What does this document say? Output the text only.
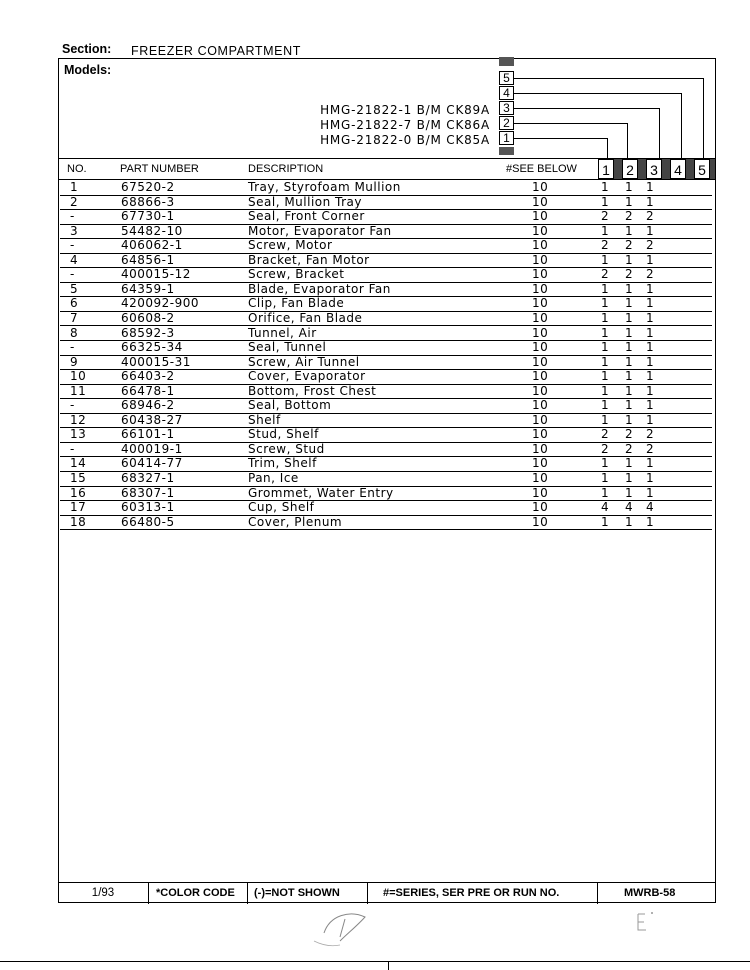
Section: FREEZER COMPARTMENT
Models:
HMG-21822-1 B/M CK89A
HMG-21822-7 B/M CK86A
HMG-21822-0 B/M CK85A
5
4
3
2
1
NO.	PART NUMBER	DESCRIPTION	#SEE BELOW 1 2 3 4 5
1	67520-2	Tray, Styrofoam Mullion	10	1 1 1
2	68866-3	Seal, Mullion Tray	10	1 1 1
-	67730-1	Seal, Front Corner	10	2 2 2
3	54482-10	Motor, Evaporator Fan	10	1 1 1
-	406062-1	Screw, Motor	10	2 2 2
4	64856-1	Bracket, Fan Motor	10	1 1 1
-	400015-12	Screw, Bracket	10	2 2 2
5	64359-1	Blade, Evaporator Fan	10	1 1 1
6	420092-900	Clip, Fan Blade	10	1 1 1
7	60608-2	Orifice, Fan Blade	10	1 1 1
8	68592-3	Tunnel, Air	10	1 1 1
-	66325-34	Seal, Tunnel	10	1 1 1
9	400015-31	Screw, Air Tunnel	10	1 1 1
10	66403-2	Cover, Evaporator	10	1 1 1
11	66478-1	Bottom, Frost Chest	10	1 1 1
-	68946-2	Seal, Bottom	10	1 1 1
12	60438-27	Shelf	10	1 1 1
13	66101-1	Stud, Shelf	10	2 2 2
-	400019-1	Screw, Stud	10	2 2 2
14	60414-77	Trim, Shelf	10	1 1 1
15	68327-1	Pan, Ice	10	1 1 1
16	68307-1	Grommet, Water Entry	10	1 1 1
17	60313-1	Cup, Shelf	10	4 4 4
18	66480-5	Cover, Plenum	10	1 1 1
1/93	*COLOR CODE (-)=NOT SHOWN	#=SERIES, SER PRE OR RUN NO.	MWRB-58
